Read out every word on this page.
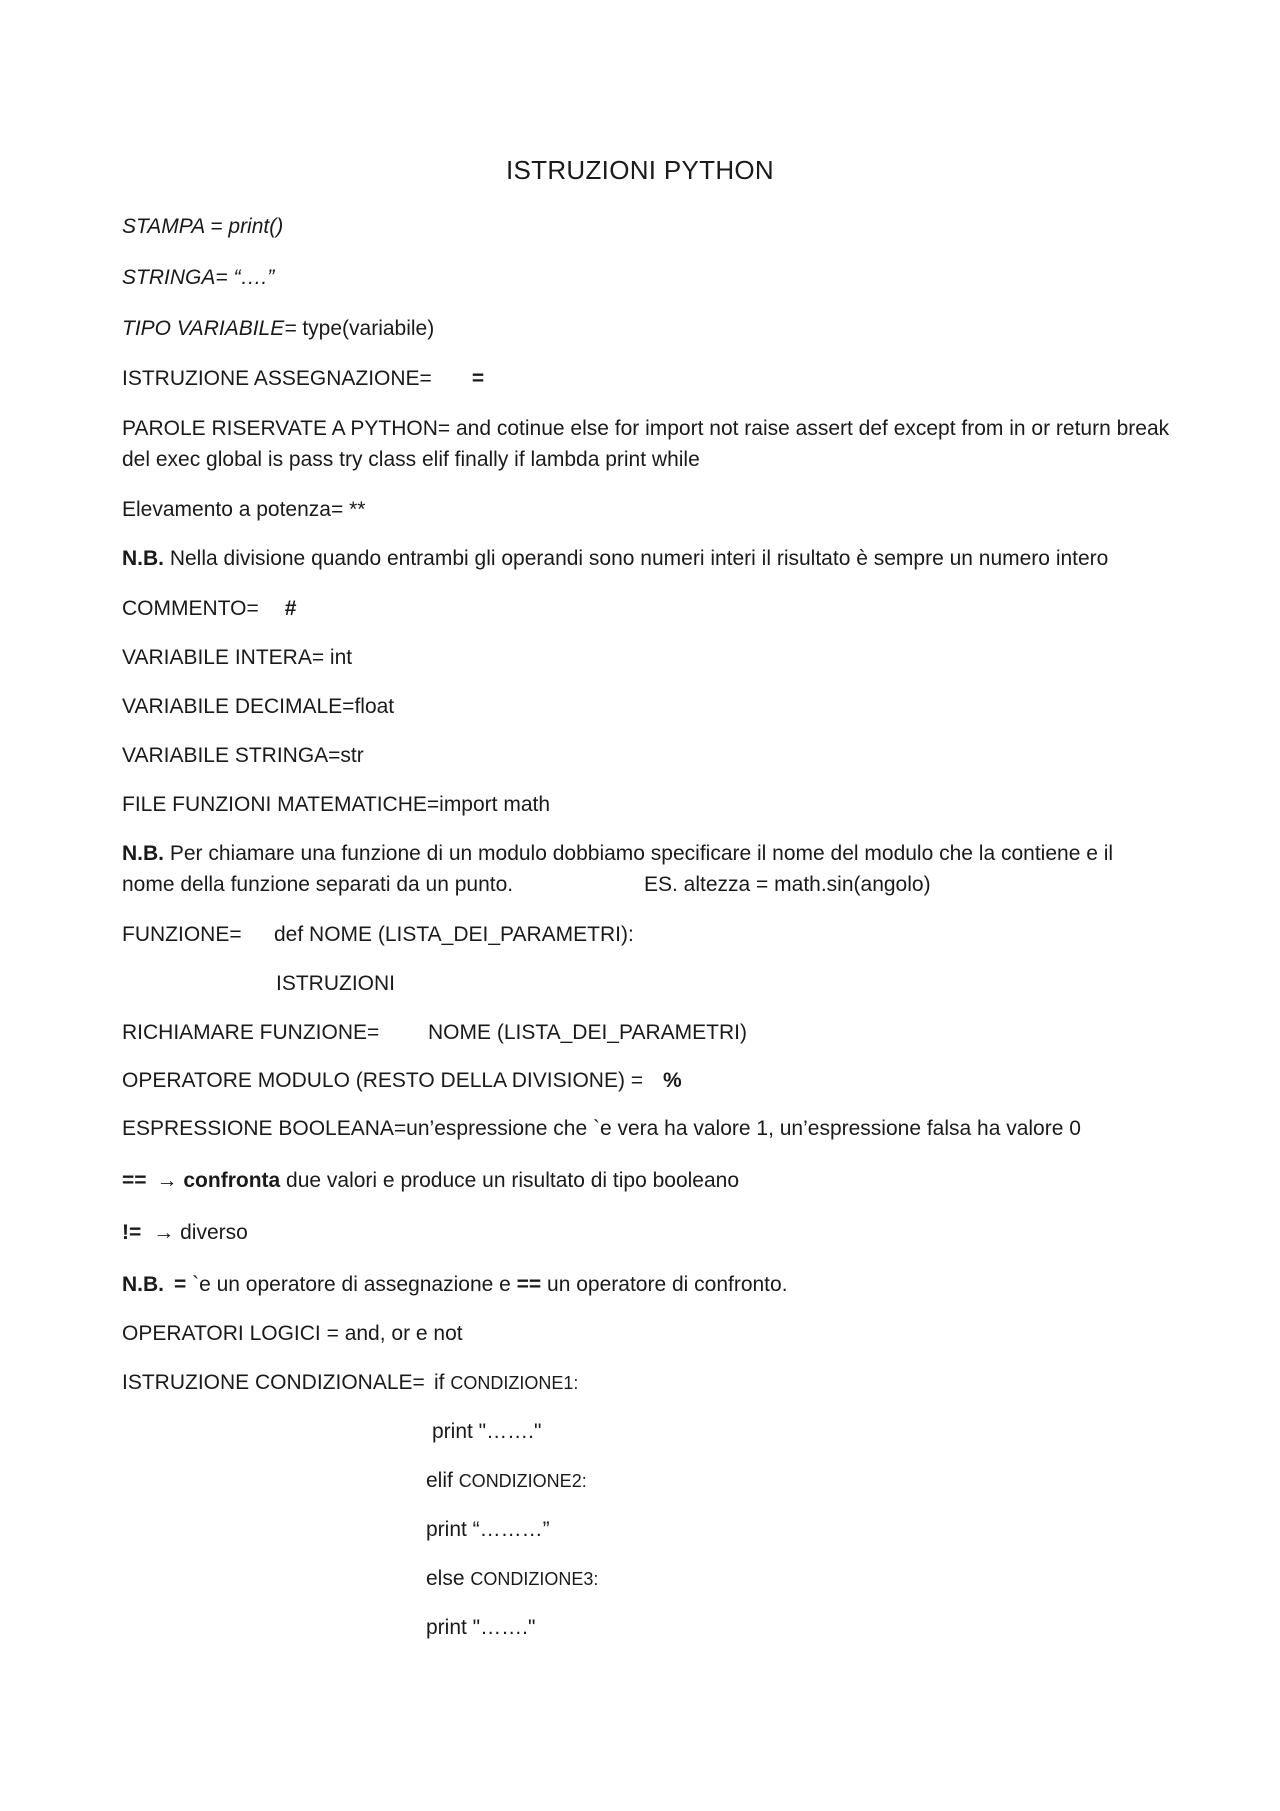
ISTRUZIONI PYTHON
STAMPA = print()
STRINGA= “….”
TIPO VARIABILE= type(variabile)
ISTRUZIONE ASSEGNAZIONE= =
PAROLE RISERVATE A PYTHON= and cotinue else for import not raise assert def except from in or return break
del exec global is pass try class elif finally if lambda print while
Elevamento a potenza= **
N.B. Nella divisione quando entrambi gli operandi sono numeri interi il risultato è sempre un numero intero
COMMENTO= #
VARIABILE INTERA= int
VARIABILE DECIMALE=float
VARIABILE STRINGA=str
FILE FUNZIONI MATEMATICHE=import math
N.B. Per chiamare una funzione di un modulo dobbiamo specificare il nome del modulo che la contiene e il
nome della funzione separati da un punto.	ES. altezza = math.sin(angolo)
FUNZIONE= def NOME (LISTA_DEI_PARAMETRI):
ISTRUZIONI
RICHIAMARE FUNZIONE= NOME (LISTA_DEI_PARAMETRI)
OPERATORE MODULO (RESTO DELLA DIVISIONE) = %
ESPRESSIONE BOOLEANA=un’espressione che `e vera ha valore 1, un’espressione falsa ha valore 0
== → confronta due valori e produce un risultato di tipo booleano
!= → diverso
N.B. = `e un operatore di assegnazione e == un operatore di confronto.
OPERATORI LOGICI = and, or e not
ISTRUZIONE CONDIZIONALE= if CONDIZIONE1:
print "……."
elif CONDIZIONE2:
print “………”
else CONDIZIONE3:
print "……."
